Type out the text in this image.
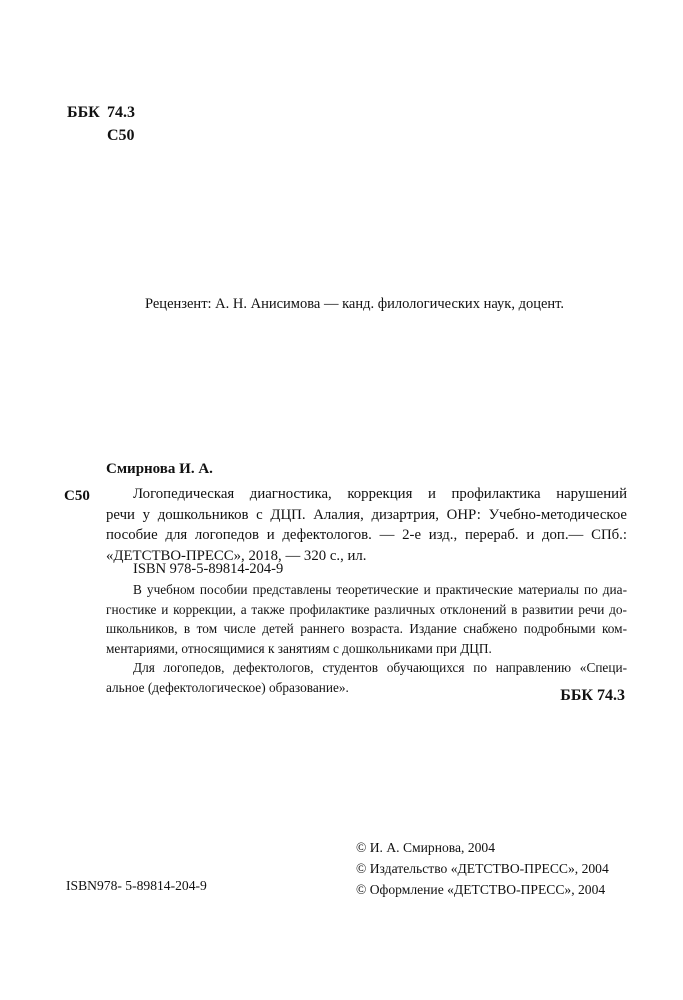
ББК 74.3
С50
Рецензент: А. Н. Анисимова — канд. филологических наук, доцент.
Смирнова И. А.
С50	Логопедическая диагностика, коррекция и профилактика нарушений
речи у дошкольников с ДЦП. Алалия, дизартрия, ОНР: Учебно-методическое
пособие для логопедов и дефектологов. — 2-е изд., перераб. и доп.— СПб.:
«ДЕТСТВО-ПРЕСС», 2018, — 320 с., ил.
ISBN 978-5-89814-204-9
В учебном пособии представлены теоретические и практические материалы по диа-
гностике и коррекции, а также профилактике различных отклонений в развитии речи до-
школьников, в том числе детей раннего возраста. Издание снабжено подробными ком-
ментариями, относящимися к занятиям с дошкольниками при ДЦП.
Для логопедов, дефектологов, студентов обучающихся по направлению «Специ-
альное (дефектологическое) образование».	ББК 74.3
© И. А. Смирнова, 2004
© Издательство «ДЕТСТВО-ПРЕСС», 2004
© Оформление «ДЕТСТВО-ПРЕСС», 2004
ISBN978- 5-89814-204-9
